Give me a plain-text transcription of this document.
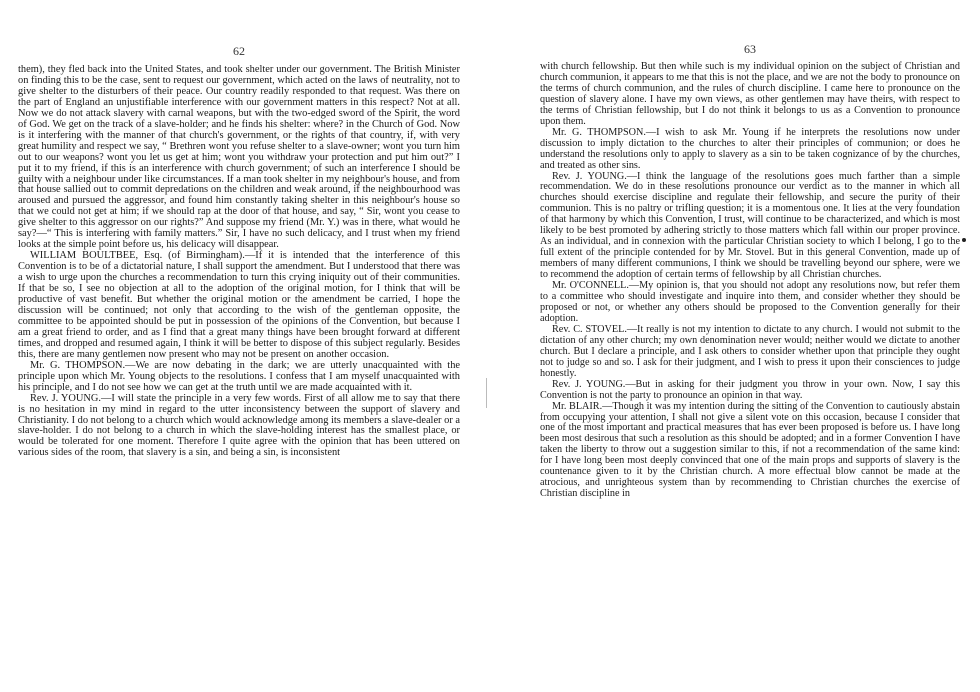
62

them), they fled back into the United States, and took shelter under our government. The British Minister on finding this to be the case, sent to request our government, which acted on the laws of neutrality, not to give shelter to the disturbers of their peace. Our country readily responded to that request. Was there on the part of England an unjustifiable interference with our government matters in this respect? Not at all. Now we do not attack slavery with carnal weapons, but with the two-edged sword of the Spirit, the word of God. We get on the track of a slave-holder; and he finds his shelter: where? in the Church of God. Now is it interfering with the manner of that church's government, or the rights of that country, if, with very great humility and respect we say, “ Brethren wont you refuse shelter to a slave-owner; wont you turn him out to our weapons? wont you let us get at him; wont you withdraw your protection and put him out?” I put it to my friend, if this is an interference with church government; of such an interference I should be guilty with a neighbour under like circumstances. If a man took shelter in my neighbour's house, and from that house sallied out to commit depredations on the children and weak around, if the neighbourhood was aroused and pursued the aggressor, and found him constantly taking shelter in this neighbour's house so that we could not get at him; if we should rap at the door of that house, and say, “ Sir, wont you cease to give shelter to this aggressor on our rights?” And suppose my friend (Mr. Y.) was in there, what would he say?—“ This is interfering with family matters.” Sir, I have no such delicacy, and I trust when my friend looks at the simple point before us, his delicacy will disappear.

WILLIAM BOULTBEE, Esq. (of Birmingham).—If it is intended that the interference of this Convention is to be of a dictatorial nature, I shall support the amendment. But I understood that there was a wish to urge upon the churches a recommendation to turn this crying iniquity out of their communities. If that be so, I see no objection at all to the adoption of the original motion, for I think that will be productive of vast benefit. But whether the original motion or the amendment be carried, I hope the discussion will be continued; not only that according to the wish of the gentleman opposite, the committee to be appointed should be put in possession of the opinions of the Convention, but because I am a great friend to order, and as I find that a great many things have been brought forward at different times, and dropped and resumed again, I think it will be better to dispose of this subject regularly. Besides this, there are many gentlemen now present who may not be present on another occasion.

Mr. G. THOMPSON.—We are now debating in the dark; we are utterly unacquainted with the principle upon which Mr. Young objects to the resolutions. I confess that I am myself unacquainted with his principle, and I do not see how we can get at the truth until we are made acquainted with it.

Rev. J. YOUNG.—I will state the principle in a very few words. First of all allow me to say that there is no hesitation in my mind in regard to the utter inconsistency between the support of slavery and Christianity. I do not belong to a church which would acknowledge among its members a slave-dealer or a slave-holder. I do not belong to a church in which the slave-holding interest has the smallest place, or would be tolerated for one moment. Therefore I quite agree with the opinion that has been uttered on various sides of the room, that slavery is a sin, and being a sin, is inconsistent

63

with church fellowship. But then while such is my individual opinion on the subject of Christian and church communion, it appears to me that this is not the place, and we are not the body to pronounce on the terms of church communion, and the rules of church discipline. I came here to pronounce on the question of slavery alone. I have my own views, as other gentlemen may have theirs, with respect to the terms of Christian fellowship, but I do not think it belongs to us as a Convention to pronounce upon them.

Mr. G. THOMPSON.—I wish to ask Mr. Young if he interprets the resolutions now under discussion to imply dictation to the churches to alter their principles of communion; or does he understand the resolutions only to apply to slavery as a sin to be taken cognizance of by the churches, and treated as other sins.

Rev. J. YOUNG.—I think the language of the resolutions goes much farther than a simple recommendation. We do in these resolutions pronounce our verdict as to the manner in which all churches should exercise discipline and regulate their fellowship, and secure the purity of their communion. This is no paltry or trifling question; it is a momentous one. It lies at the very foundation of that harmony by which this Convention, I trust, will continue to be characterized, and which is most likely to be best promoted by adhering strictly to those matters which fall within our proper province. As an individual, and in connexion with the particular Christian society to which I belong, I go to the full extent of the principle contended for by Mr. Stovel. But in this general Convention, made up of members of many different communions, I think we should be travelling beyond our sphere, were we to recommend the adoption of certain terms of fellowship by all Christian churches.

Mr. O'CONNELL.—My opinion is, that you should not adopt any resolutions now, but refer them to a committee who should investigate and inquire into them, and consider whether they should be proposed or not, or whether any others should be proposed to the Convention generally for their adoption.

Rev. C. STOVEL.—It really is not my intention to dictate to any church. I would not submit to the dictation of any other church; my own denomination never would; neither would we dictate to another church. But I declare a principle, and I ask others to consider whether upon that principle they ought not to judge so and so. I ask for their judgment, and I wish to press it upon their consciences to judge honestly.

Rev. J. YOUNG.—But in asking for their judgment you throw in your own. Now, I say this Convention is not the party to pronounce an opinion in that way.

Mr. BLAIR.—Though it was my intention during the sitting of the Convention to cautiously abstain from occupying your attention, I shall not give a silent vote on this occasion, because I consider that one of the most important and practical measures that has ever been proposed is before us. I have long been most desirous that such a resolution as this should be adopted; and in a former Convention I have taken the liberty to throw out a suggestion similar to this, if not a recommendation of the same kind: for I have long been most deeply convinced that one of the main props and supports of slavery is the countenance given to it by the Christian church. A more effectual blow cannot be made at the atrocious, and unrighteous system than by recommending to Christian churches the exercise of Christian discipline in
